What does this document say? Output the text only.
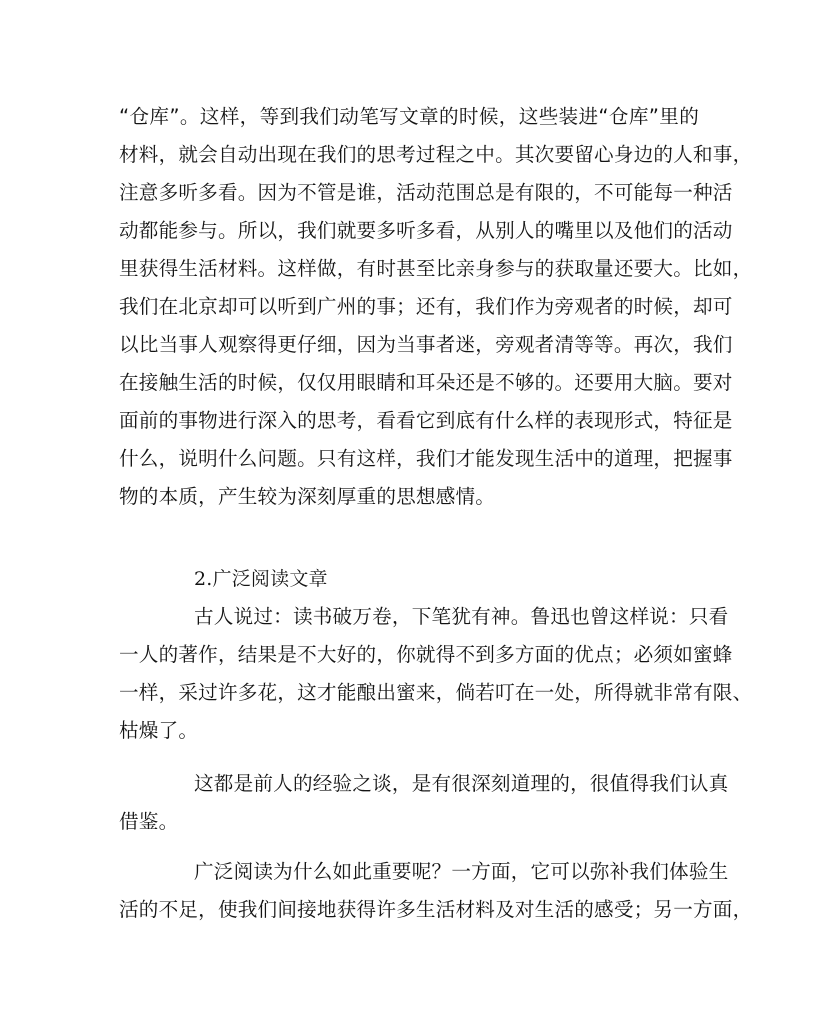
“仓库”。这样，等到我们动笔写文章的时候，这些装进“仓库”里的
材料，就会自动出现在我们的思考过程之中。其次要留心身边的人和事，
注意多听多看。因为不管是谁，活动范围总是有限的，不可能每一种活
动都能参与。所以，我们就要多听多看，从别人的嘴里以及他们的活动
里获得生活材料。这样做，有时甚至比亲身参与的获取量还要大。比如，
我们在北京却可以听到广州的事；还有，我们作为旁观者的时候，却可
以比当事人观察得更仔细，因为当事者迷，旁观者清等等。再次，我们
在接触生活的时候，仅仅用眼睛和耳朵还是不够的。还要用大脑。要对
面前的事物进行深入的思考，看看它到底有什么样的表现形式，特征是
什么，说明什么问题。只有这样，我们才能发现生活中的道理，把握事
物的本质，产生较为深刻厚重的思想感情。
2.广泛阅读文章
古人说过：读书破万卷，下笔犹有神。鲁迅也曾这样说：只看
一人的著作，结果是不大好的，你就得不到多方面的优点；必须如蜜蜂
一样，采过许多花，这才能酿出蜜来，倘若叮在一处，所得就非常有限、
枯燥了。
这都是前人的经验之谈，是有很深刻道理的，很值得我们认真
借鉴。
广泛阅读为什么如此重要呢？一方面，它可以弥补我们体验生
活的不足，使我们间接地获得许多生活材料及对生活的感受；另一方面，
